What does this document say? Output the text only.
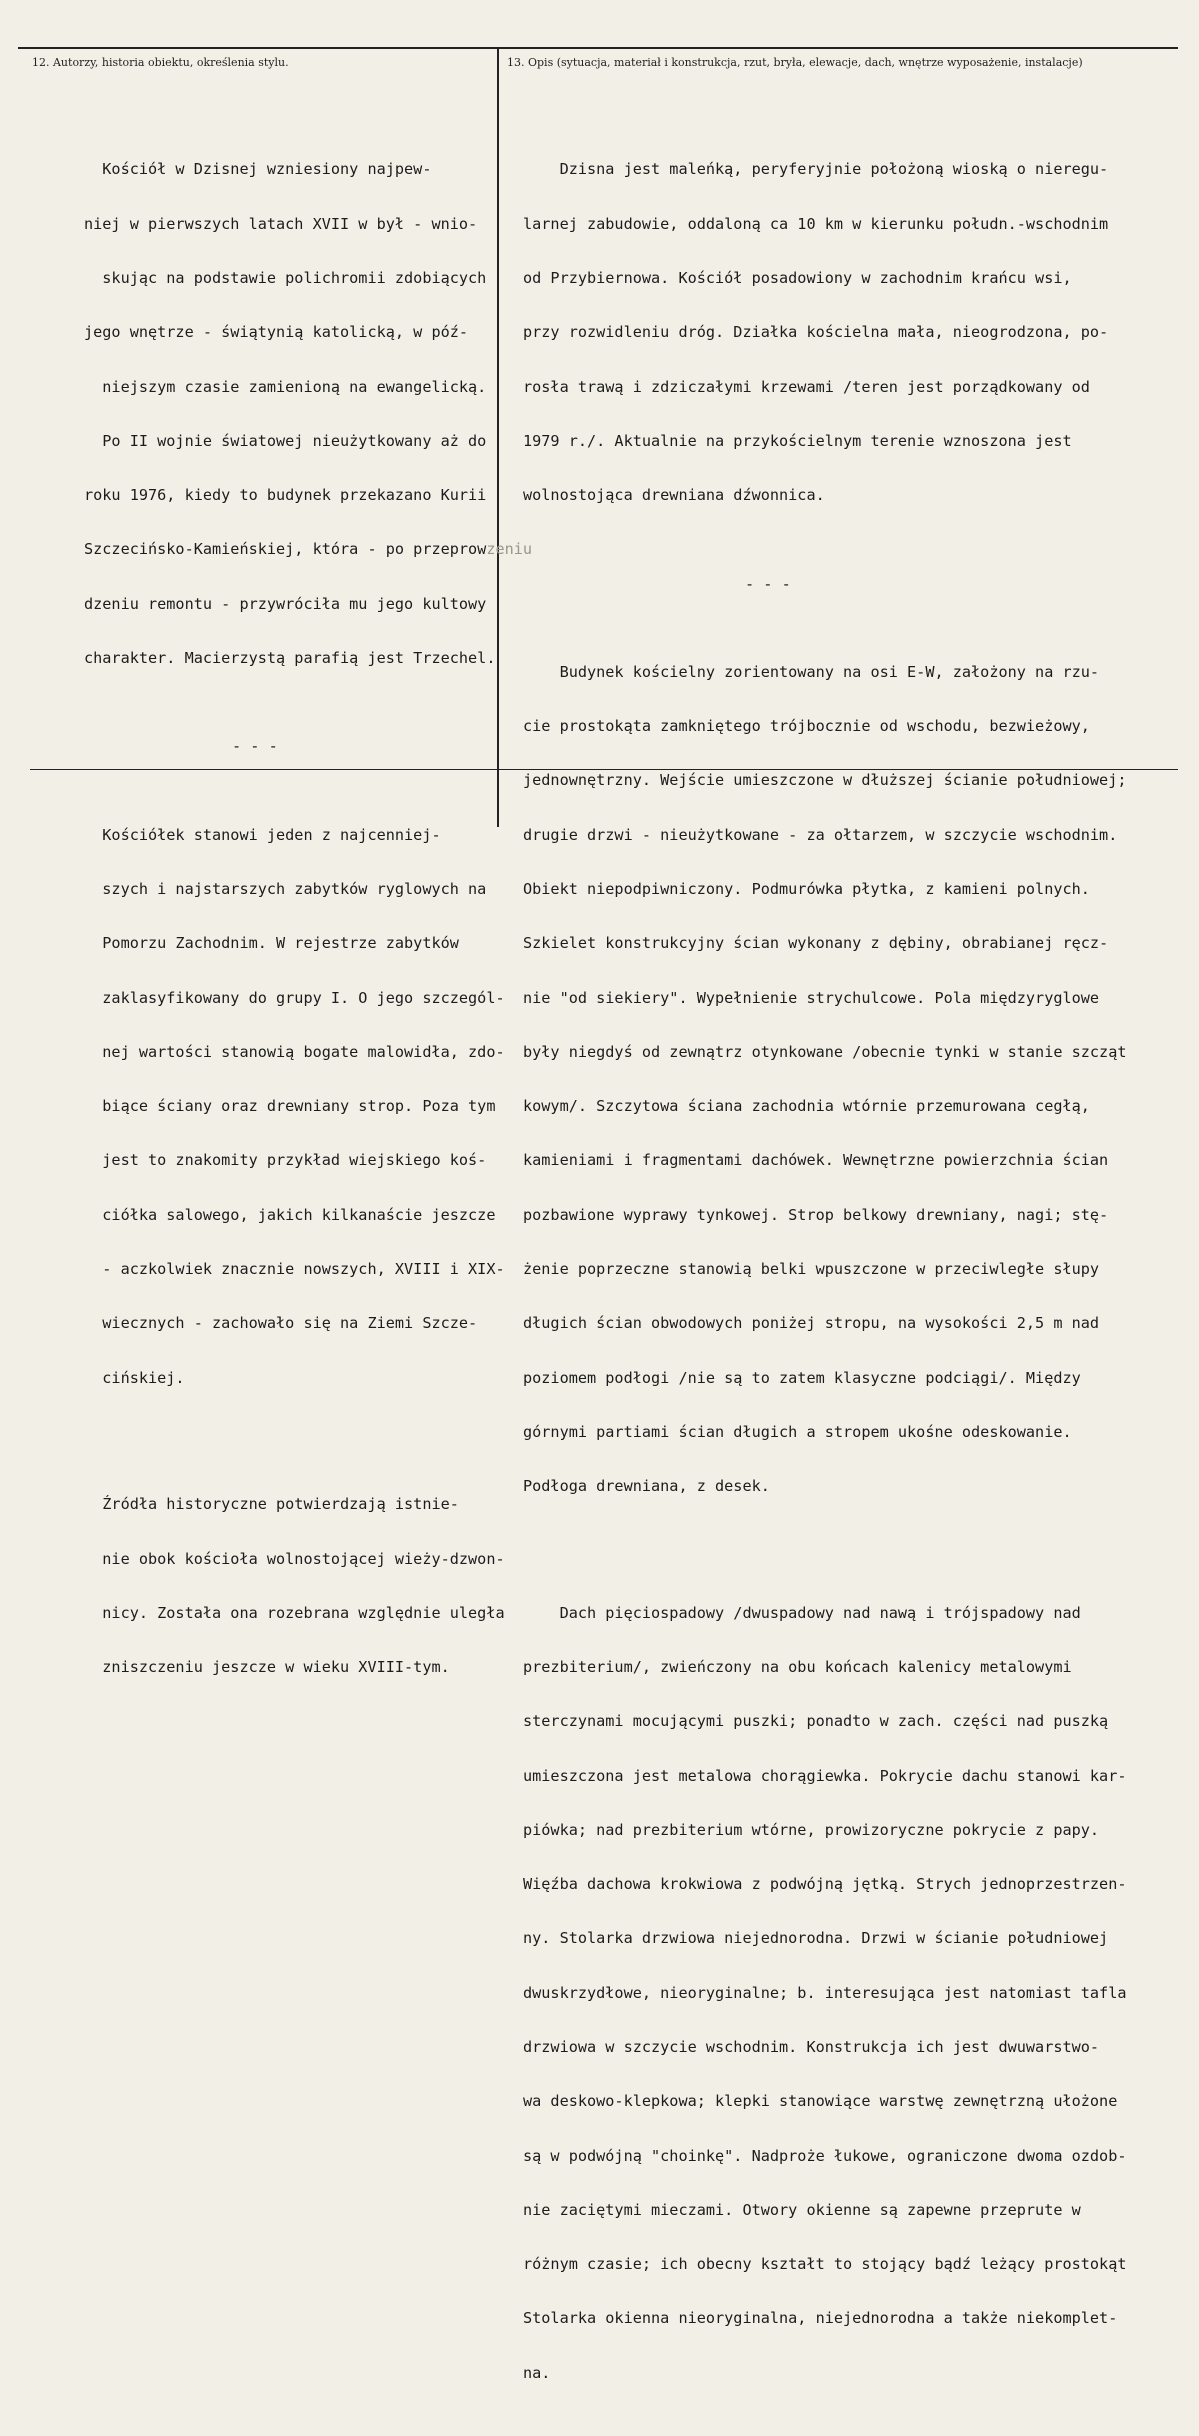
12. Autorzy, historia obiektu, określenia stylu.	13. Opis (sytuacja, materiał i konstrukcja, rzut, bryła, elewacje, dach, wnętrze wyposażenie, instalacje)

Kościół w Dzisnej wzniesiony najpew-

niej w pierwszych latach XVII w był - wnio-

skując na podstawie polichromii zdobiących

jego wnętrze - świątynią katolicką, w póź-

niejszym czasie zamienioną na ewangelicką.

Po II wojnie światowej nieużytkowany aż do

roku 1976, kiedy to budynek przekazano Kurii

Szczecińsko-Kamieńskiej, która - po przeprowzeniu

dzeniu remontu - przywróciła mu jego kultowy

charakter. Macierzystą parafią jest Trzechel.

- - -

Kościółek stanowi jeden z najcenniej-

szych i najstarszych zabytków ryglowych na

Pomorzu Zachodnim. W rejestrze zabytków

zaklasyfikowany do grupy I. O jego szczegól-

nej wartości stanowią bogate malowidła, zdo-

biące ściany oraz drewniany strop. Poza tym

jest to znakomity przykład wiejskiego koś-

ciółka salowego, jakich kilkanaście jeszcze

- aczkolwiek znacznie nowszych, XVIII i XIX-

wiecznych - zachowało się na Ziemi Szcze-

cińskiej.

Źródła historyczne potwierdzają istnie-

nie obok kościoła wolnostojącej wieży-dzwon-

nicy. Została ona rozebrana względnie uległa

zniszczeniu jeszcze w wieku XVIII-tym.

Dzisna jest maleńką, peryferyjnie położoną wioską o nieregu-

larnej zabudowie, oddaloną ca 10 km w kierunku połudn.-wschodnim

od Przybiernowa. Kościół posadowiony w zachodnim krańcu wsi,

przy rozwidleniu dróg. Działka kościelna mała, nieogrodzona, po-

rosła trawą i zdziczałymi krzewami /teren jest porządkowany od

1979 r./. Aktualnie na przykościelnym terenie wznoszona jest

wolnostojąca drewniana dźwonnica.

- - -

Budynek kościelny zorientowany na osi E-W, założony na rzu-

cie prostokąta zamkniętego trójbocznie od wschodu, bezwieżowy,

jednownętrzny. Wejście umieszczone w dłuższej ścianie południowej;

drugie drzwi - nieużytkowane - za ołtarzem, w szczycie wschodnim.

Obiekt niepodpiwniczony. Podmurówka płytka, z kamieni polnych.

Szkielet konstrukcyjny ścian wykonany z dębiny, obrabianej ręcz-

nie "od siekiery". Wypełnienie strychulcowe. Pola międzyryglowe

były niegdyś od zewnątrz otynkowane /obecnie tynki w stanie szcząt

kowym/. Szczytowa ściana zachodnia wtórnie przemurowana cegłą,

kamieniami i fragmentami dachówek. Wewnętrzne powierzchnia ścian

pozbawione wyprawy tynkowej. Strop belkowy drewniany, nagi; stę-

żenie poprzeczne stanowią belki wpuszczone w przeciwległe słupy

długich ścian obwodowych poniżej stropu, na wysokości 2,5 m nad

poziomem podłogi /nie są to zatem klasyczne podciągi/. Między

górnymi partiami ścian długich a stropem ukośne odeskowanie.

Podłoga drewniana, z desek.

Dach pięciospadowy /dwuspadowy nad nawą i trójspadowy nad

prezbiterium/, zwieńczony na obu końcach kalenicy metalowymi

sterczynami mocującymi puszki; ponadto w zach. części nad puszką

umieszczona jest metalowa chorągiewka. Pokrycie dachu stanowi kar-

piówka; nad prezbiterium wtórne, prowizoryczne pokrycie z papy.

Więźba dachowa krokwiowa z podwójną jętką. Strych jednoprzestrzen-

ny. Stolarka drzwiowa niejednorodna. Drzwi w ścianie południowej

dwuskrzydłowe, nieoryginalne; b. interesująca jest natomiast tafla

drzwiowa w szczycie wschodnim. Konstrukcja ich jest dwuwarstwo-

wa deskowo-klepkowa; klepki stanowiące warstwę zewnętrzną ułożone

są w podwójną "choinkę". Nadproże łukowe, ograniczone dwoma ozdob-

nie zaciętymi mieczami. Otwory okienne są zapewne przeprute w

różnym czasie; ich obecny kształt to stojący bądź leżący prostokąt

Stolarka okienna nieoryginalna, niejednorodna a także niekomplet-

na.
